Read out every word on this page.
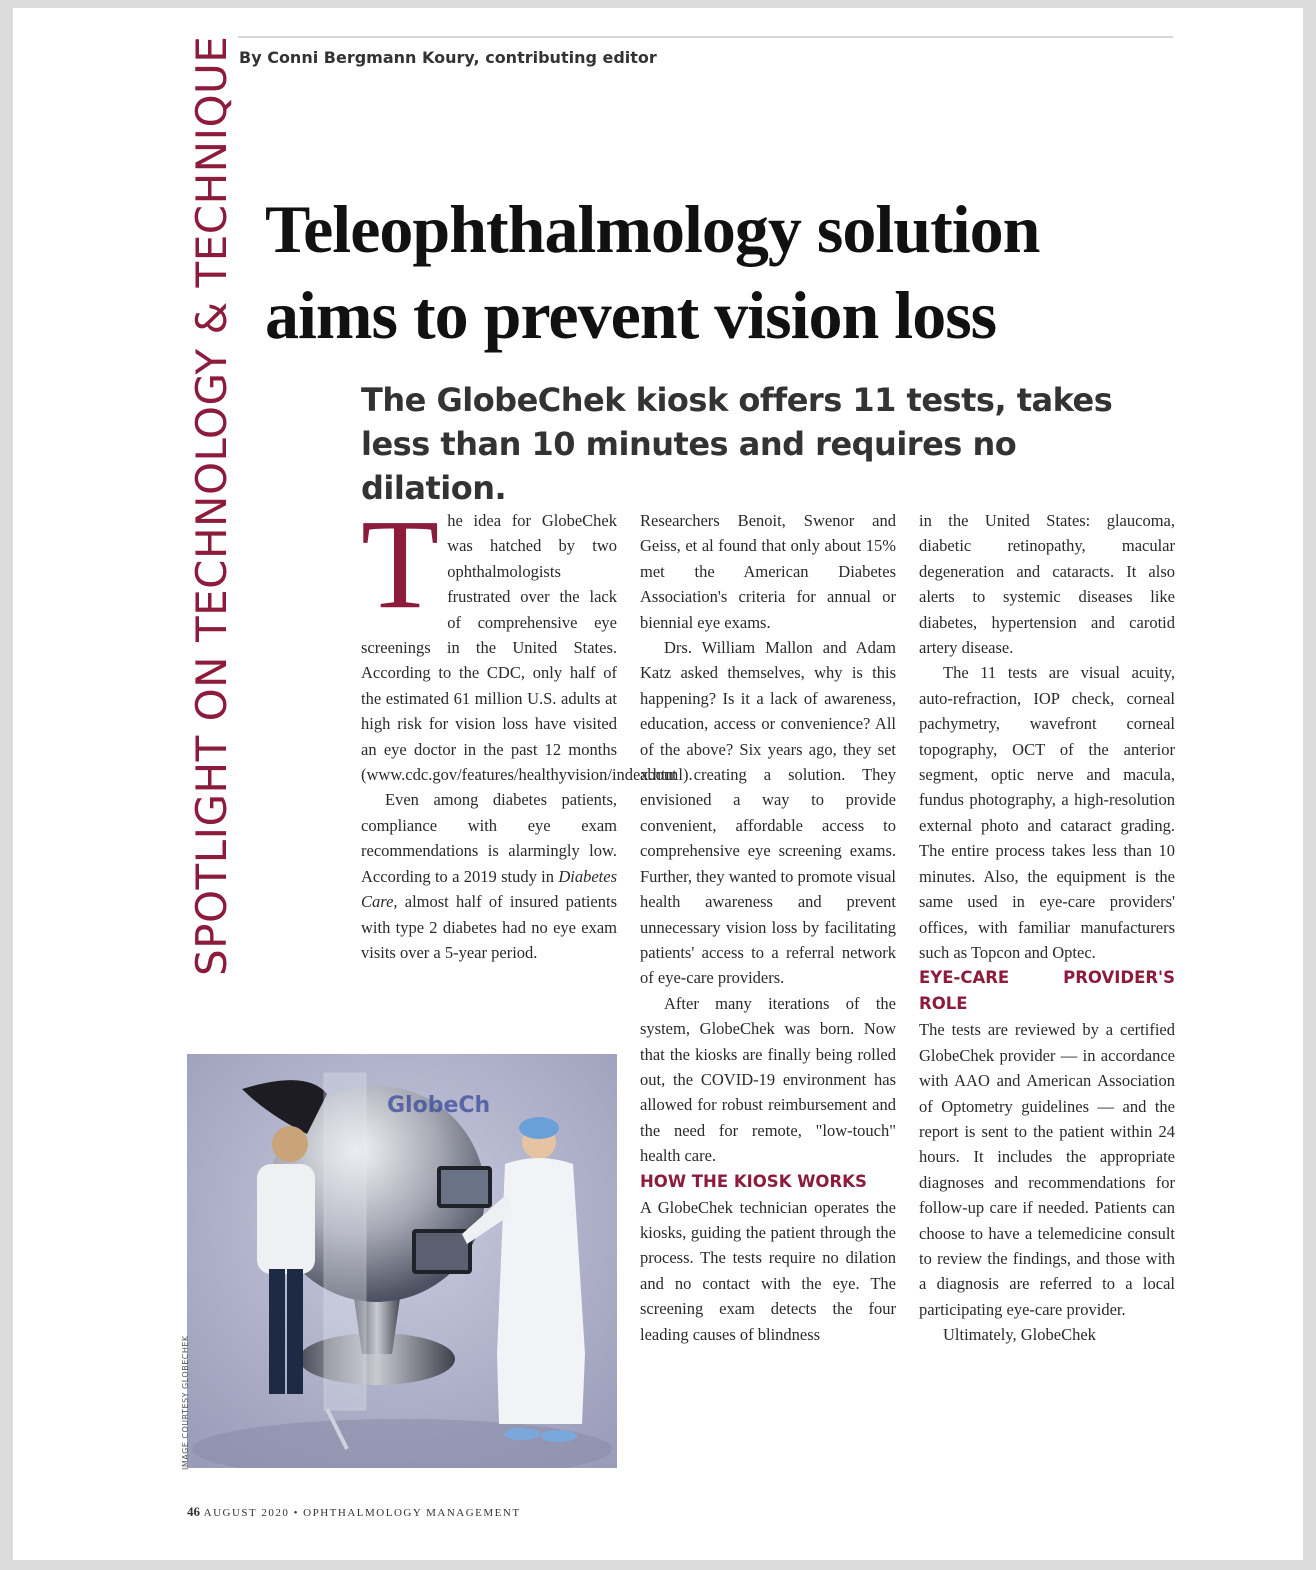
By Conni Bergmann Koury, contributing editor
SPOTLIGHT ON TECHNOLOGY & TECHNIQUE Teleophthalmology solution aims to prevent vision loss
The GlobeChek kiosk offers 11 tests, takes less than 10 minutes and requires no dilation.

The idea for GlobeChek was hatched by two ophthalmologists frustrated over the lack of comprehensive eye screenings in the United States. According to the CDC, only half of the estimated 61 million U.S. adults at high risk for vision loss have visited an eye doctor in the past 12 months (www.cdc.gov/features/healthyvision/index.html).

Even among diabetes patients, compliance with eye exam recommendations is alarmingly low. According to a 2019 study in Diabetes Care, almost half of insured patients with type 2 diabetes had no eye exam visits over a 5-year period.

Researchers Benoit, Swenor and Geiss, et al found that only about 15% met the American Diabetes Association's criteria for annual or biennial eye exams.

Drs. William Mallon and Adam Katz asked themselves, why is this happening? Is it a lack of awareness, education, access or convenience? All of the above? Six years ago, they set about creating a solution. They envisioned a way to provide convenient, affordable access to comprehensive eye screening exams. Further, they wanted to promote visual health awareness and prevent unnecessary vision loss by facilitating patients' access to a referral network of eye-care providers.

After many iterations of the system, GlobeChek was born. Now that the kiosks are finally being rolled out, the COVID-19 environment has allowed for robust reimbursement and the need for remote, "low-touch" health care.

HOW THE KIOSK WORKS

A GlobeChek technician operates the kiosks, guiding the patient through the process. The tests require no dilation and no contact with the eye. The screening exam detects the four leading causes of blindness

in the United States: glaucoma, diabetic retinopathy, macular degeneration and cataracts. It also alerts to systemic diseases like diabetes, hypertension and carotid artery disease.

The 11 tests are visual acuity, auto-refraction, IOP check, corneal pachymetry, wavefront corneal topography, OCT of the anterior segment, optic nerve and macula, fundus photography, a high-resolution external photo and cataract grading. The entire process takes less than 10 minutes. Also, the equipment is the same used in eye-care providers' offices, with familiar manufacturers such as Topcon and Optec.

EYE-CARE PROVIDER'S ROLE

The tests are reviewed by a certified GlobeChek provider — in accordance with AAO and American Association of Optometry guidelines — and the report is sent to the patient within 24 hours. It includes the appropriate diagnoses and recommendations for follow-up care if needed. Patients can choose to have a telemedicine consult to review the findings, and those with a diagnosis are referred to a local participating eye-care provider.

Ultimately, GlobeChek

GlobeCh
IMAGE COURTESY GLOBECHEK
46 AUGUST 2020 • OPHTHALMOLOGY MANAGEMENT
